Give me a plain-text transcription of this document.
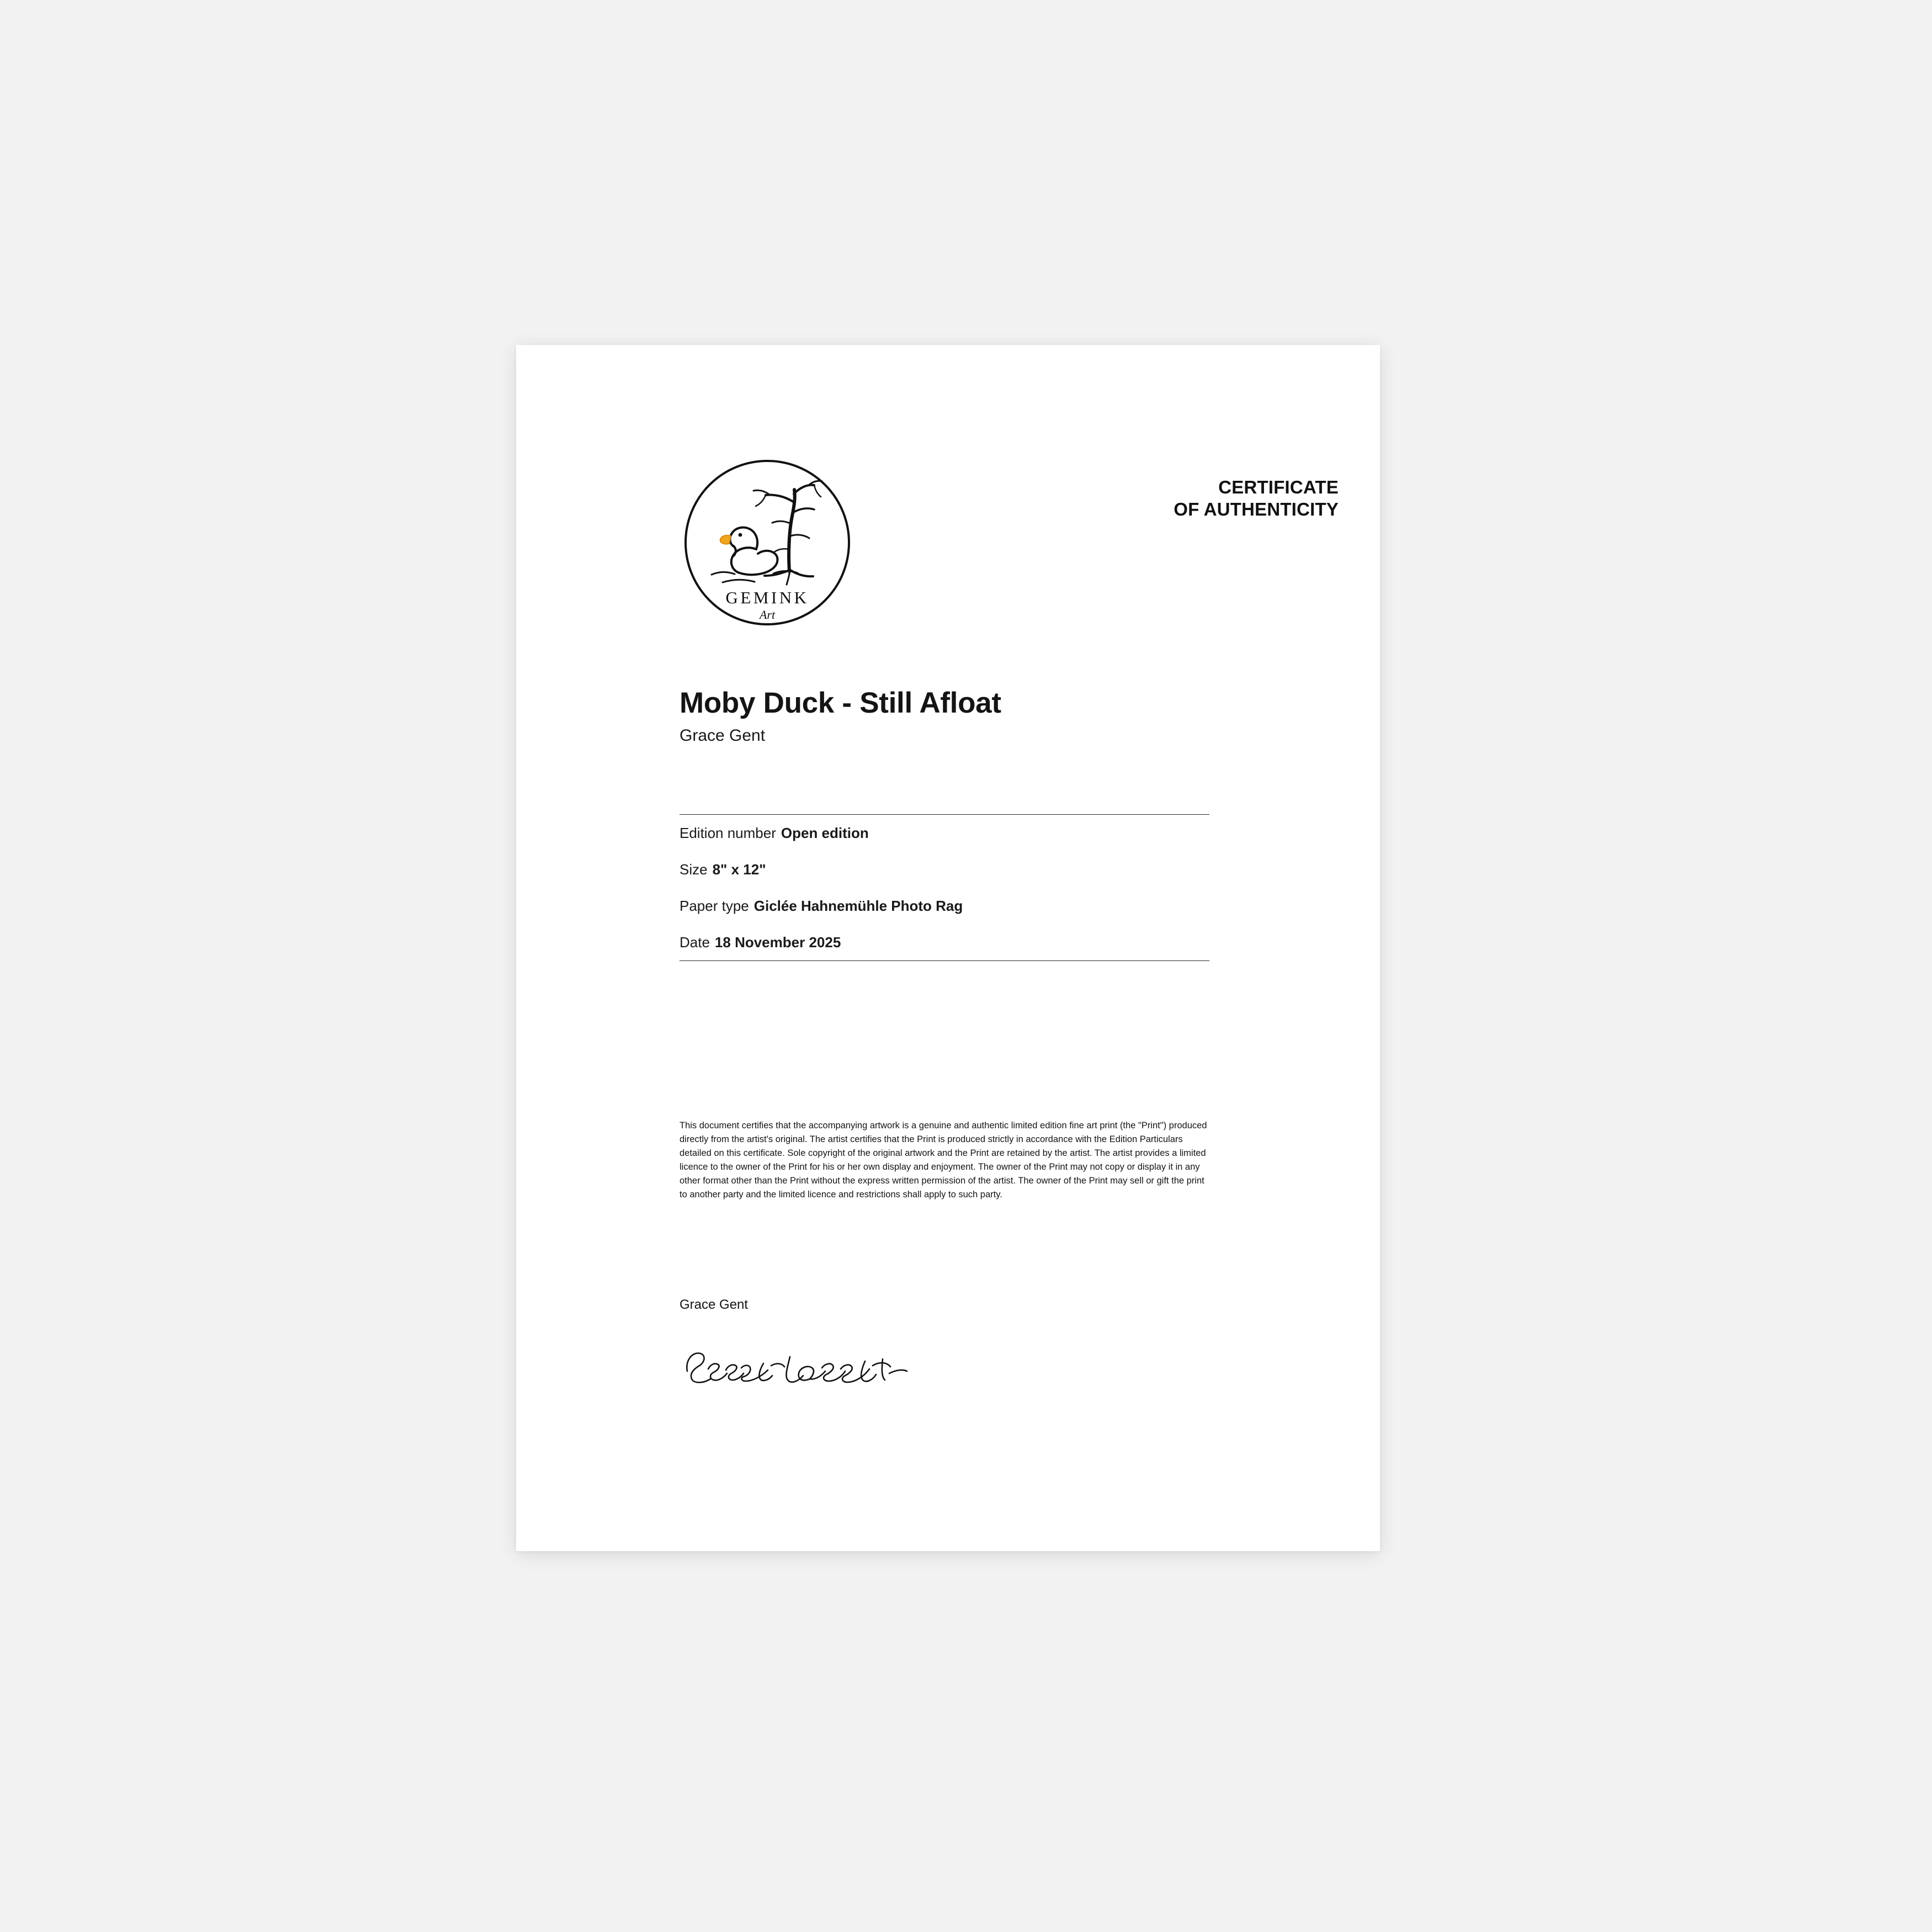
GEMINK
Art
CERTIFICATE
OF AUTHENTICITY
Moby Duck - Still Afloat
Grace Gent
Edition number Open edition
Size 8" x 12"
Paper type Giclée Hahnemühle Photo Rag
Date 18 November 2025

This document certifies that the accompanying artwork is a genuine and authentic limited edition fine art print (the "Print") produced directly from the artist's original. The artist certifies that the Print is produced strictly in accordance with the Edition Particulars detailed on this certificate. Sole copyright of the original artwork and the Print are retained by the artist. The artist provides a limited licence to the owner of the Print for his or her own display and enjoyment. The owner of the Print may not copy or display it in any other format other than the Print without the express written permission of the artist. The owner of the Print may sell or gift the print to another party and the limited licence and restrictions shall apply to such party.

Grace Gent
